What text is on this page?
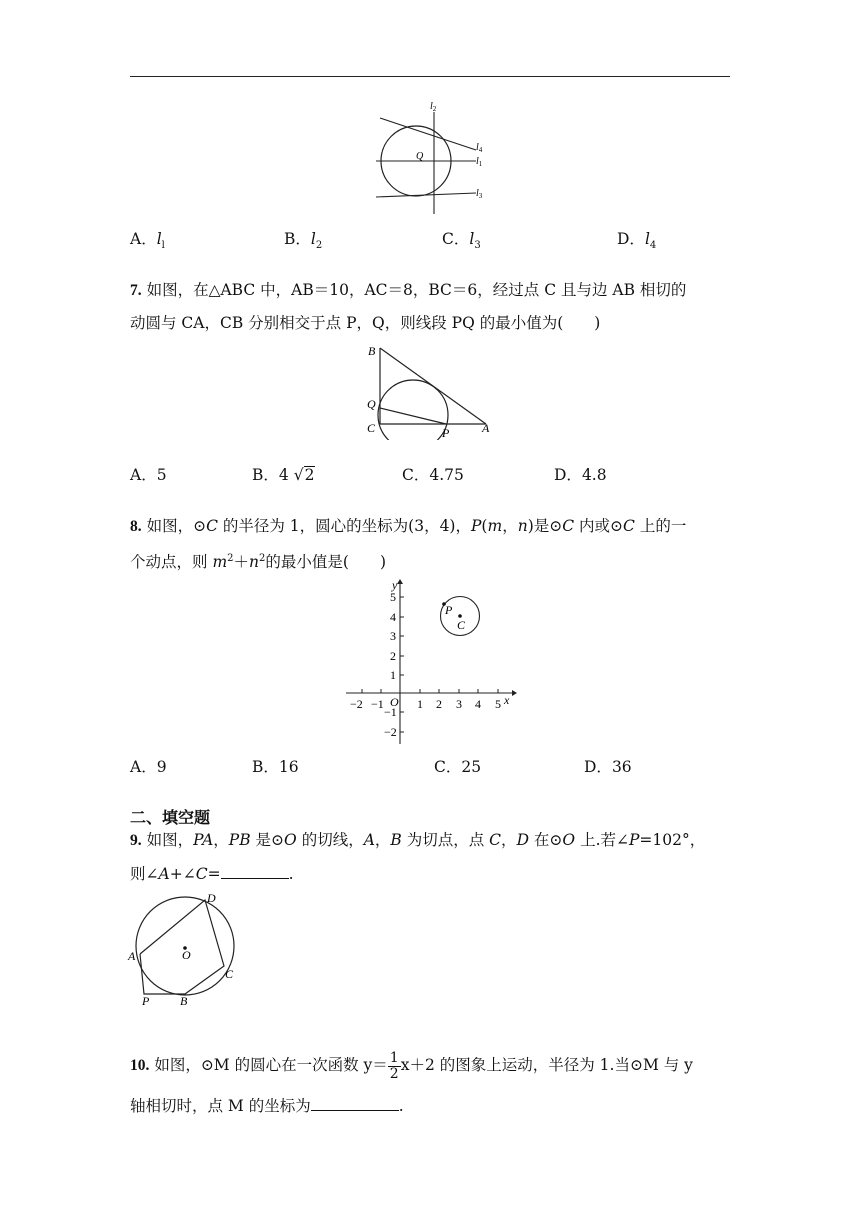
Q
$l_2$
$l_4$
$l_1$
$l_3$
A．$l_l$	B．$l_2$	C．$l_3$	D．$l_4$
7. 如图，在△ABC 中，AB＝10，AC＝8，BC＝6，经过点 C 且与边 AB 相切的
动圆与 CA，CB 分别相交于点 P，Q，则线段 PQ 的最小值为(　　)
B
Q
C	P	A
A．5	B．4 √2	C．4.75	D．4.8
8. 如图，⊙C 的半径为 1，圆心的坐标为(3，4)，P(m，n)是⊙C 内或⊙C 上的一
个动点，则 $m^2+n^2$的最小值是(　　)
5
4
3
2
1
−1
−2
−2 −1	1 2 3 4 5
y
x
O
P
C
A．9	B．16	C．25	D．36
二、填空题
9. 如图，PA，PB 是⊙O 的切线，A，B 为切点，点 C，D 在⊙O 上.若∠P=102°，
则∠A+∠C=	.
D
A	O
C
P	B
10. 如图，⊙M 的圆心在一次函数 $y= \frac{1}{2} x+2$ 的图象上运动，半径为 1.当⊙M 与 y
轴相切时，点 M 的坐标为	.
